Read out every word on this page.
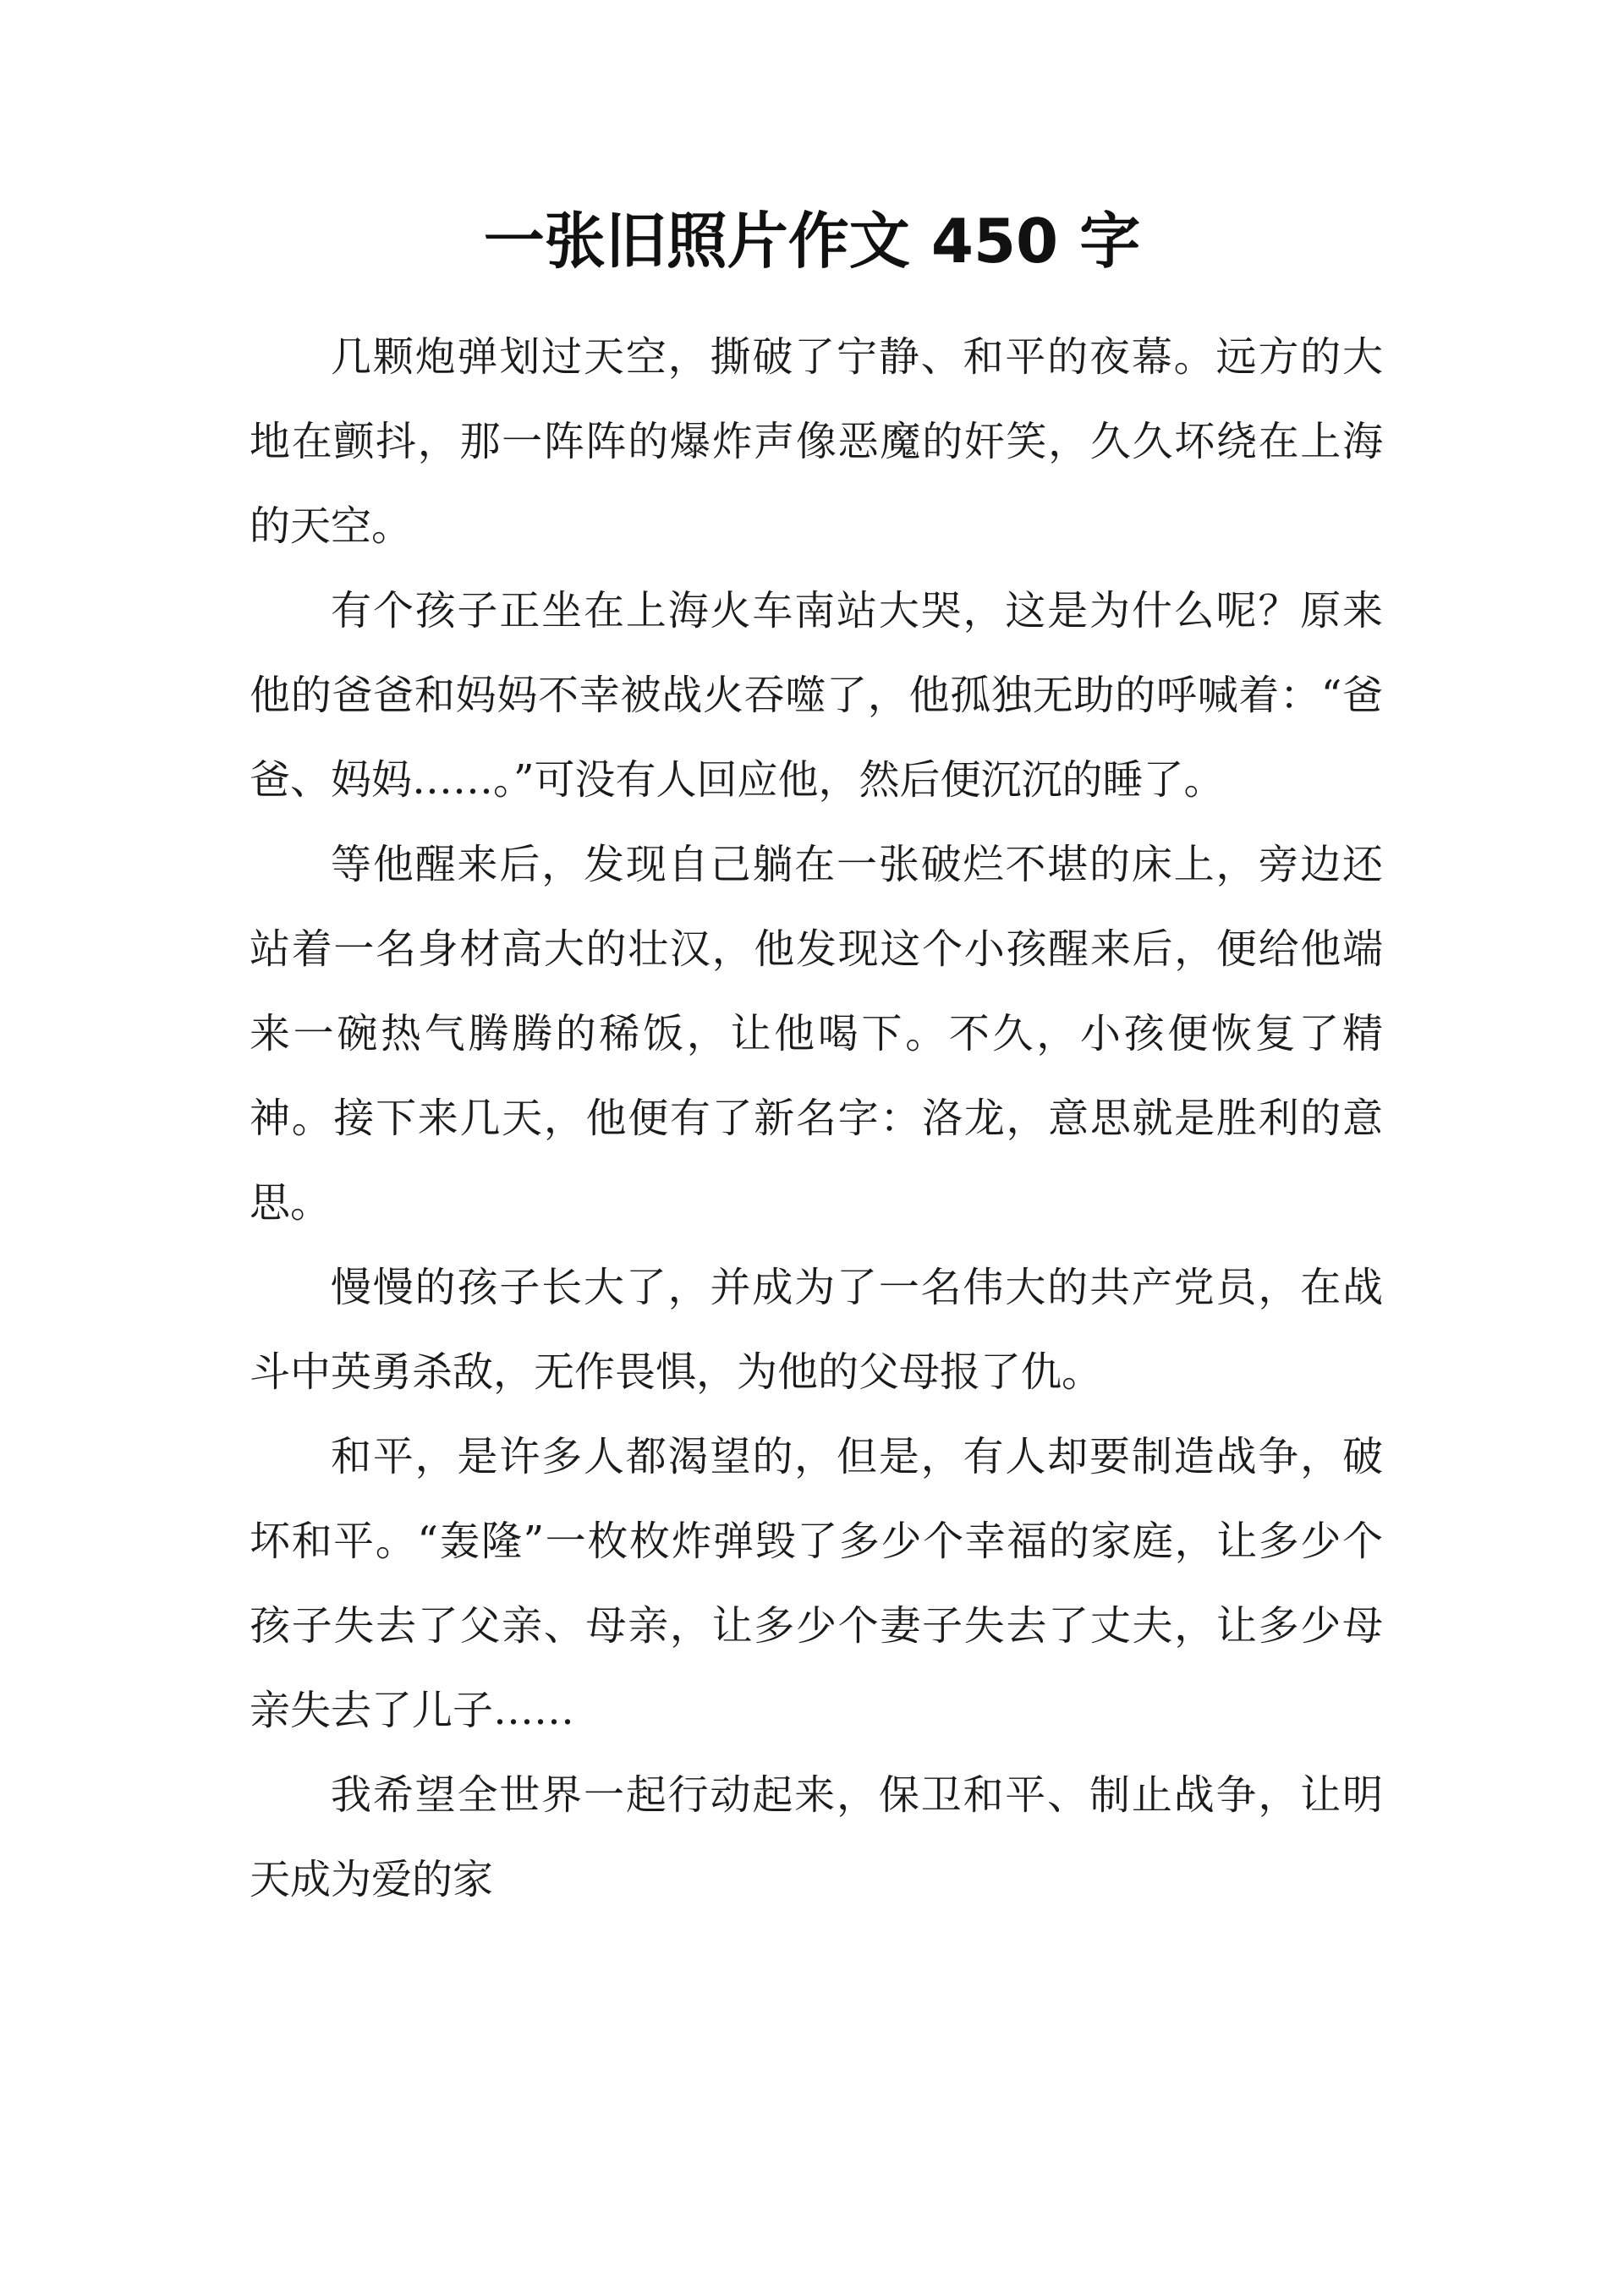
一张旧照片作文 450 字

几颗炮弹划过天空，撕破了宁静、和平的夜幕。远方的大地在颤抖，那一阵阵的爆炸声像恶魔的奸笑，久久坏绕在上海的天空。

有个孩子正坐在上海火车南站大哭，这是为什么呢？原来他的爸爸和妈妈不幸被战火吞噬了，他孤独无助的呼喊着：“爸爸、妈妈……。”可没有人回应他，然后便沉沉的睡了。

等他醒来后，发现自己躺在一张破烂不堪的床上，旁边还站着一名身材高大的壮汉，他发现这个小孩醒来后，便给他端来一碗热气腾腾的稀饭，让他喝下。不久，小孩便恢复了精神。接下来几天，他便有了新名字：洛龙，意思就是胜利的意思。

慢慢的孩子长大了，并成为了一名伟大的共产党员，在战斗中英勇杀敌，无作畏惧，为他的父母报了仇。

和平，是许多人都渴望的，但是，有人却要制造战争，破坏和平。“轰隆”一枚枚炸弹毁了多少个幸福的家庭，让多少个孩子失去了父亲、母亲，让多少个妻子失去了丈夫，让多少母亲失去了儿子……

我希望全世界一起行动起来，保卫和平、制止战争，让明天成为爱的家
